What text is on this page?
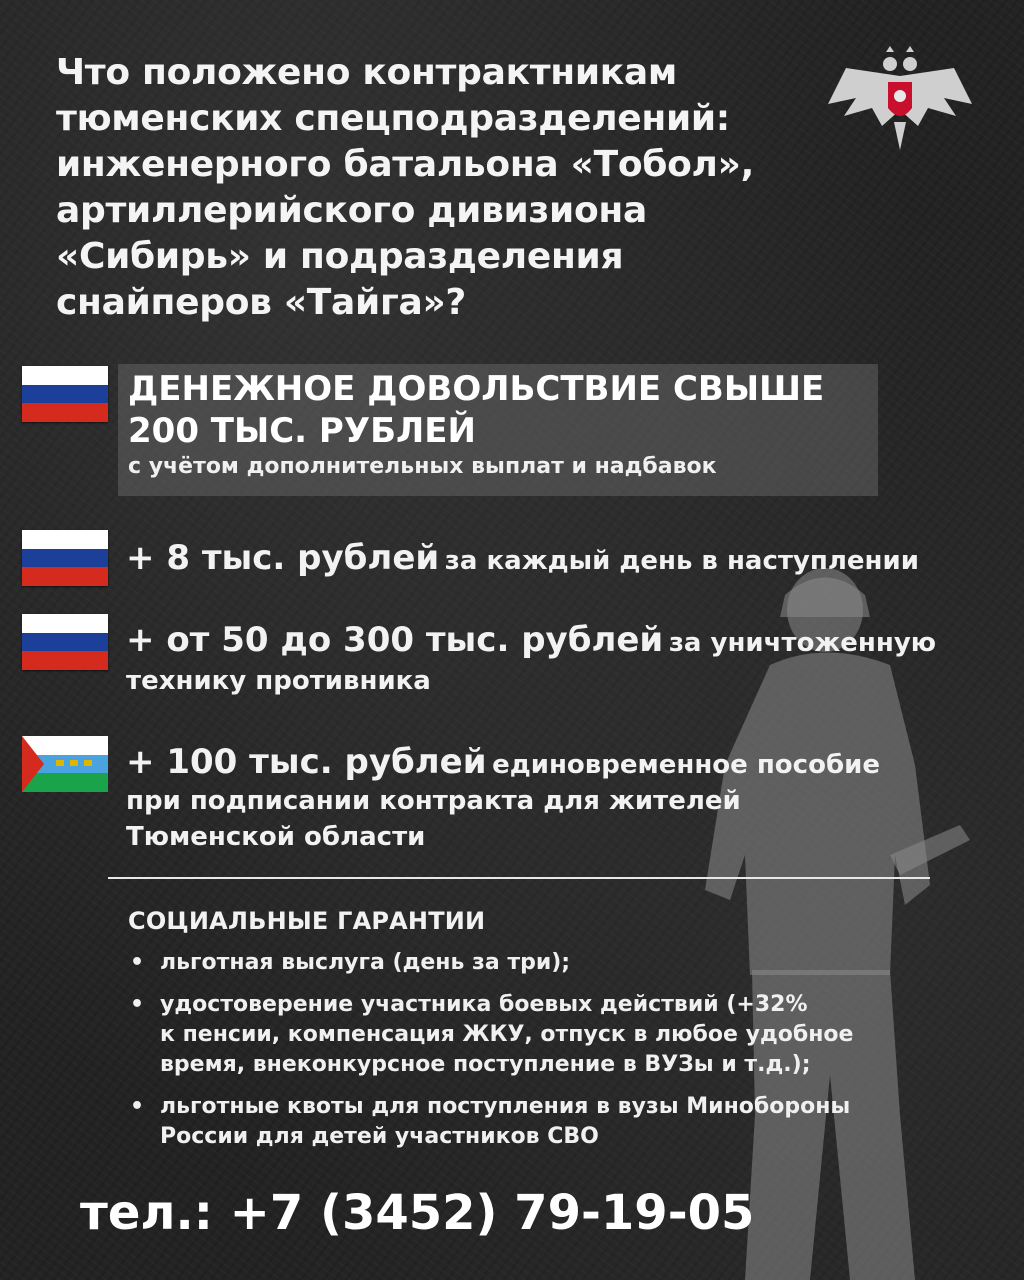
Что положено контрактникам
тюменских спецподразделений:
инженерного батальона «Тобол»,
артиллерийского дивизиона
«Сибирь» и подразделения
снайперов «Тайга»?
ДЕНЕЖНОЕ ДОВОЛЬСТВИЕ СВЫШЕ
200 ТЫС. РУБЛЕЙ
с учётом дополнительных выплат и надбавок
+ 8 тыс. рублей за каждый день в наступлении
+ от 50 до 300 тыс. рублей за уничтоженную
технику противника
+ 100 тыс. рублей единовременное пособие
при подписании контракта для жителей
Тюменской области
СОЦИАЛЬНЫЕ ГАРАНТИИ
• льготная выслуга (день за три);
• удостоверение участника боевых действий (+32%
к пенсии, компенсация ЖКУ, отпуск в любое удобное
время, внеконкурсное поступление в ВУЗы и т.д.);
• льготные квоты для поступления в вузы Минобороны
России для детей участников СВО
тел.: +7 (3452) 79-19-05
